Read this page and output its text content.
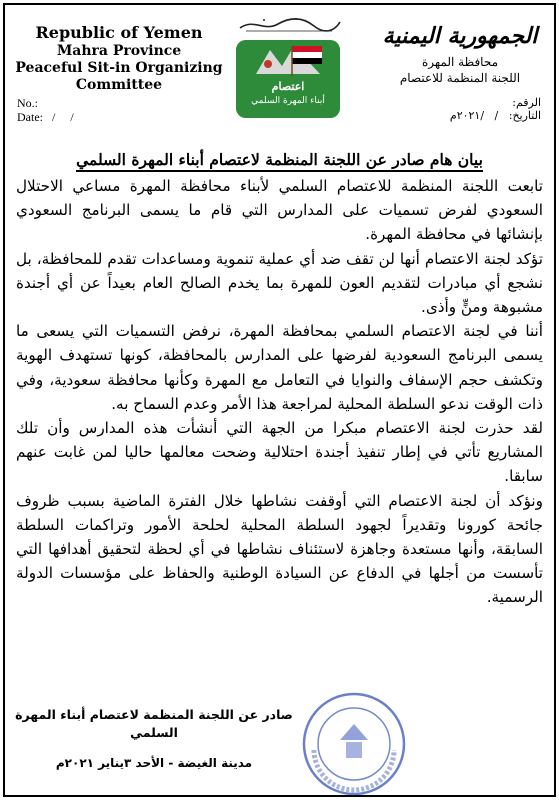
Republic of Yemen
Mahra Province
Peaceful Sit-in Organizing
Committee
No.:
Date:   /     /
اعتصام
أبناء المهرة السلمي
الجمهورية اليمنية
محافظة المهرة
اللجنة المنظمة للاعتصام
الرقم:
التاريخ:   /   /٢٠٢١م
بيان هام صادر عن اللجنة المنظمة لاعتصام أبناء المهرة السلمي

تابعت اللجنة المنظمة للاعتصام السلمي لأبناء محافظة المهرة مساعي الاحتلال السعودي لفرض تسميات على المدارس التي قام ما يسمى البرنامج السعودي بإنشائها في محافظة المهرة.

تؤكد لجنة الاعتصام أنها لن تقف ضد أي عملية تنموية ومساعدات تقدم للمحافظة، بل نشجع أي مبادرات لتقديم العون للمهرة بما يخدم الصالح العام بعيداً عن أي أجندة مشبوهة ومنٍّ وأذى.

أننا في لجنة الاعتصام السلمي بمحافظة المهرة، نرفض التسميات التي يسعى ما يسمى البرنامج السعودية لفرضها على المدارس بالمحافظة، كونها تستهدف الهوية وتكشف حجم الإسفاف والنوايا في التعامل مع المهرة وكأنها محافظة سعودية، وفي ذات الوقت ندعو السلطة المحلية لمراجعة هذا الأمر وعدم السماح به.

لقد حذرت لجنة الاعتصام مبكرا من الجهة التي أنشأت هذه المدارس وأن تلك المشاريع تأتي في إطار تنفيذ أجندة احتلالية وضحت معالمها حاليا لمن غابت عنهم سابقا.

ونؤكد أن لجنة الاعتصام التي أوقفت نشاطها خلال الفترة الماضية بسبب ظروف جائحة كورونا وتقديراً لجهود السلطة المحلية لحلحة الأمور وتراكمات السلطة السابقة، وأنها مستعدة وجاهزة لاستئناف نشاطها في أي لحظة لتحقيق أهدافها التي تأسست من أجلها في الدفاع عن السيادة الوطنية والحفاظ على مؤسسات الدولة الرسمية.

صادر عن اللجنة المنظمة لاعتصام أبناء المهرة السلمي
مدينة الغيضة - الأحد ٣يناير ٢٠٢١م
